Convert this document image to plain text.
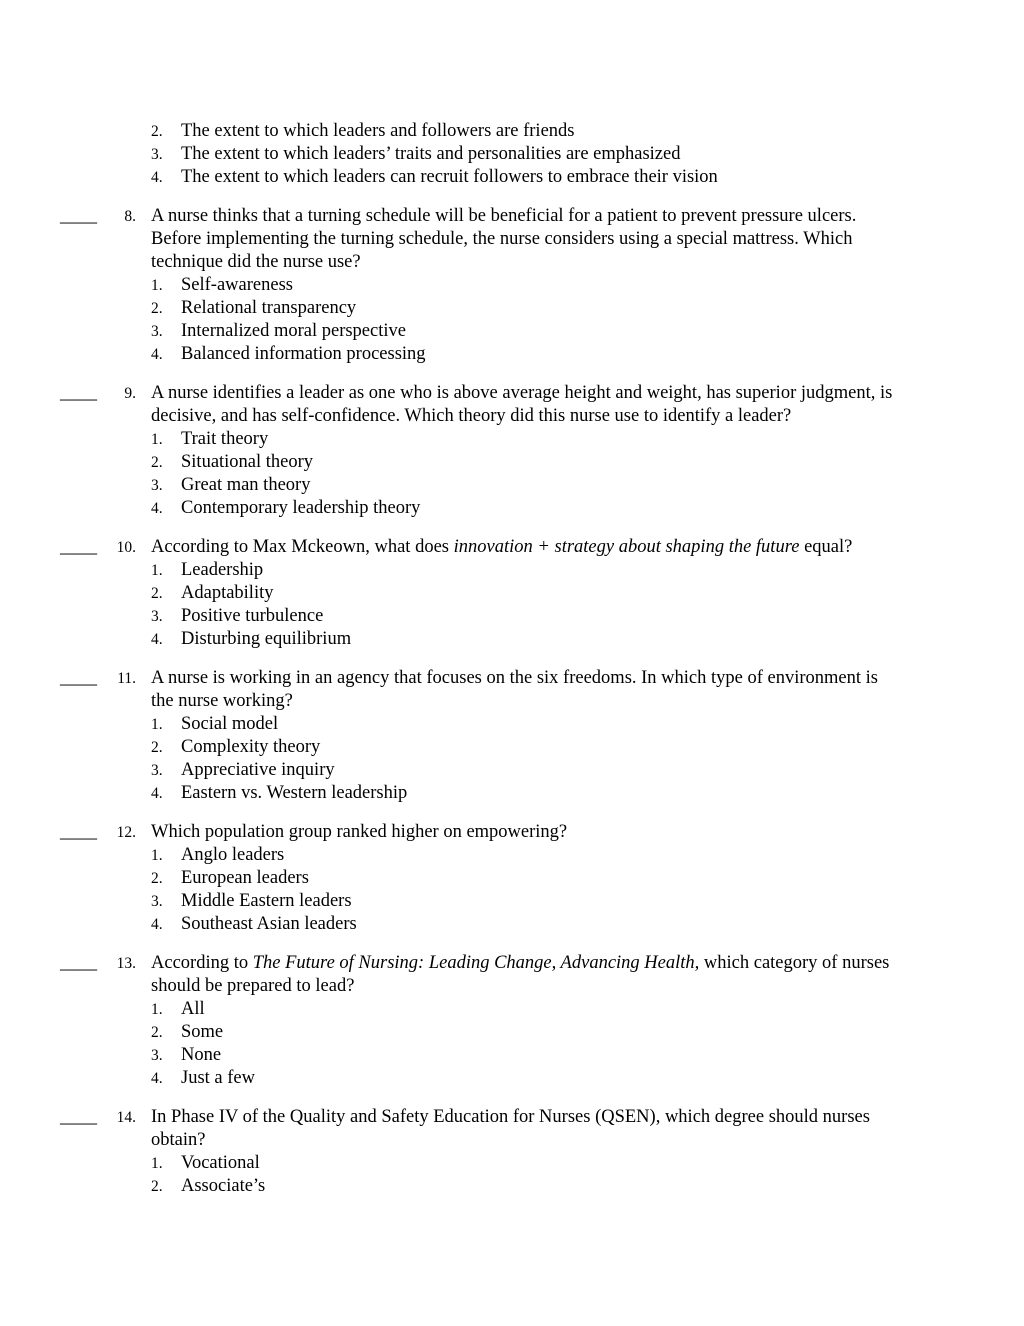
2. The extent to which leaders and followers are friends
3. The extent to which leaders’ traits and personalities are emphasized
4. The extent to which leaders can recruit followers to embrace their vision
____	8. A nurse thinks that a turning schedule will be beneficial for a patient to prevent pressure ulcers.
Before implementing the turning schedule, the nurse considers using a special mattress. Which
technique did the nurse use?
1. Self-awareness
2. Relational transparency
3. Internalized moral perspective
4. Balanced information processing
____	9. A nurse identifies a leader as one who is above average height and weight, has superior judgment, is
decisive, and has self-confidence. Which theory did this nurse use to identify a leader?
1. Trait theory
2. Situational theory
3. Great man theory
4. Contemporary leadership theory
____	10. According to Max Mckeown, what does innovation + strategy about shaping the future equal?
1. Leadership
2. Adaptability
3. Positive turbulence
4. Disturbing equilibrium
____	11. A nurse is working in an agency that focuses on the six freedoms. In which type of environment is
the nurse working?
1. Social model
2. Complexity theory
3. Appreciative inquiry
4. Eastern vs. Western leadership
____	12. Which population group ranked higher on empowering?
1. Anglo leaders
2. European leaders
3. Middle Eastern leaders
4. Southeast Asian leaders
____	13. According to The Future of Nursing: Leading Change, Advancing Health, which category of nurses
should be prepared to lead?
1. All
2. Some
3. None
4. Just a few
____	14. In Phase IV of the Quality and Safety Education for Nurses (QSEN), which degree should nurses
obtain?
1. Vocational
2. Associate’s
